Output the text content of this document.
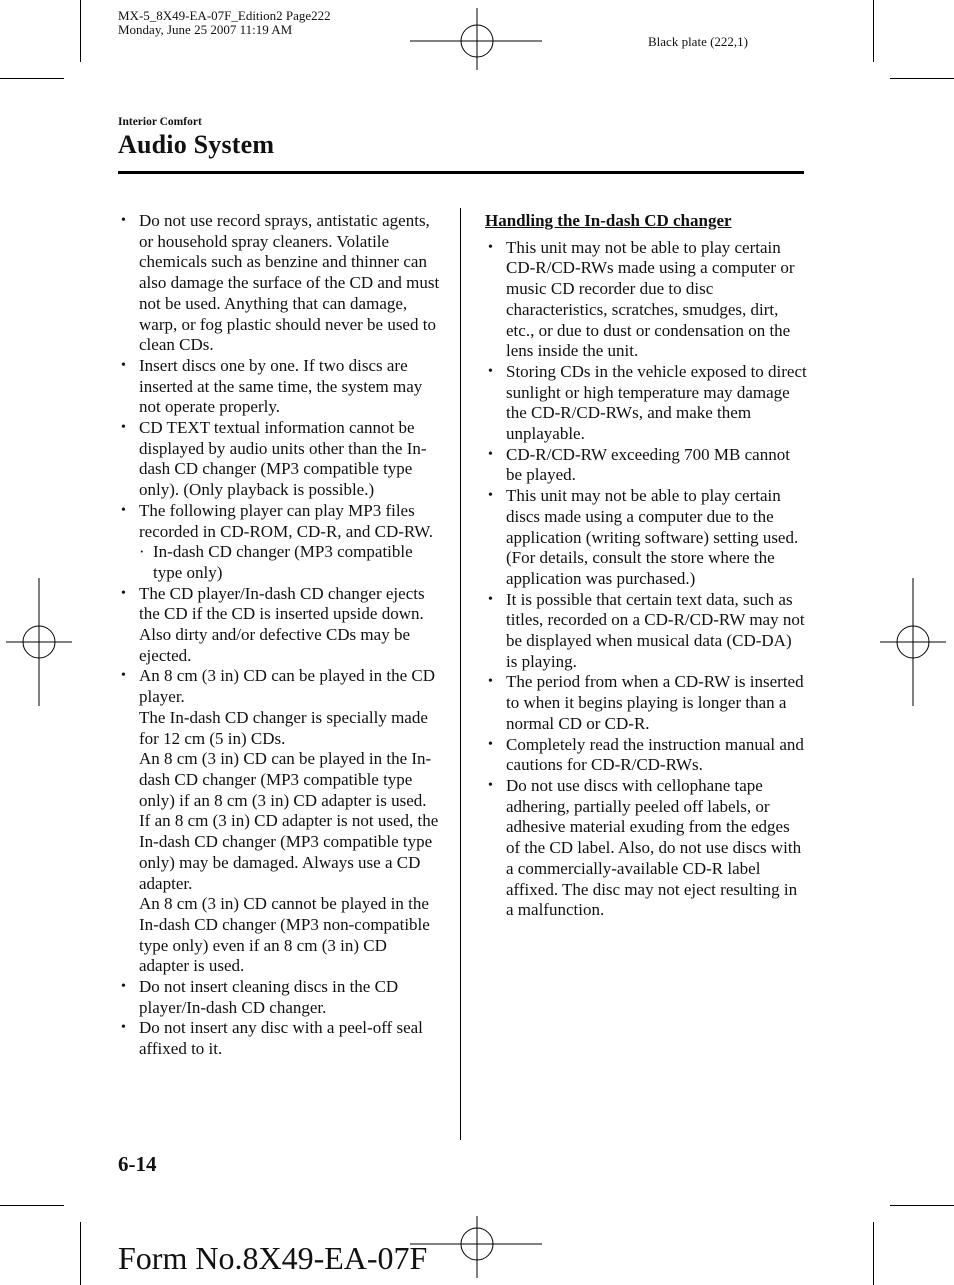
MX-5_8X49-EA-07F_Edition2 Page222
Monday, June 25 2007 11:19 AM
Black plate (222,1)
Interior Comfort
Audio System
• Do not use record sprays, antistatic agents, or household spray cleaners. Volatile chemicals such as benzine and thinner can also damage the surface of the CD and must not be used. Anything that can damage, warp, or fog plastic should never be used to clean CDs.
• Insert discs one by one. If two discs are inserted at the same time, the system may not operate properly.
• CD TEXT textual information cannot be displayed by audio units other than the In-dash CD changer (MP3 compatible type only). (Only playback is possible.)
• The following player can play MP3 files recorded in CD-ROM, CD-R, and CD-RW.
· In-dash CD changer (MP3 compatible type only)
• The CD player/In-dash CD changer ejects the CD if the CD is inserted upside down. Also dirty and/or defective CDs may be ejected.

• An 8 cm (3 in) CD can be played in the CD player.

The In-dash CD changer is specially made for 12 cm (5 in) CDs.

An 8 cm (3 in) CD can be played in the In-dash CD changer (MP3 compatible type only) if an 8 cm (3 in) CD adapter is used.

If an 8 cm (3 in) CD adapter is not used, the In-dash CD changer (MP3 compatible type only) may be damaged. Always use a CD adapter.

An 8 cm (3 in) CD cannot be played in the In-dash CD changer (MP3 non-compatible type only) even if an 8 cm (3 in) CD adapter is used.

• Do not insert cleaning discs in the CD player/In-dash CD changer.
• Do not insert any disc with a peel-off seal affixed to it.
Handling the In-dash CD changer
• This unit may not be able to play certain CD-R/CD-RWs made using a computer or music CD recorder due to disc characteristics, scratches, smudges, dirt, etc., or due to dust or condensation on the lens inside the unit.
• Storing CDs in the vehicle exposed to direct sunlight or high temperature may damage the CD-R/CD-RWs, and make them unplayable.
• CD-R/CD-RW exceeding 700 MB cannot be played.
• This unit may not be able to play certain discs made using a computer due to the application (writing software) setting used. (For details, consult the store where the application was purchased.)
• It is possible that certain text data, such as titles, recorded on a CD-R/CD-RW may not be displayed when musical data (CD-DA) is playing.
• The period from when a CD-RW is inserted to when it begins playing is longer than a normal CD or CD-R.
• Completely read the instruction manual and cautions for CD-R/CD-RWs.
• Do not use discs with cellophane tape adhering, partially peeled off labels, or adhesive material exuding from the edges of the CD label. Also, do not use discs with a commercially-available CD-R label affixed. The disc may not eject resulting in a malfunction.
6-14
Form No.8X49-EA-07F
